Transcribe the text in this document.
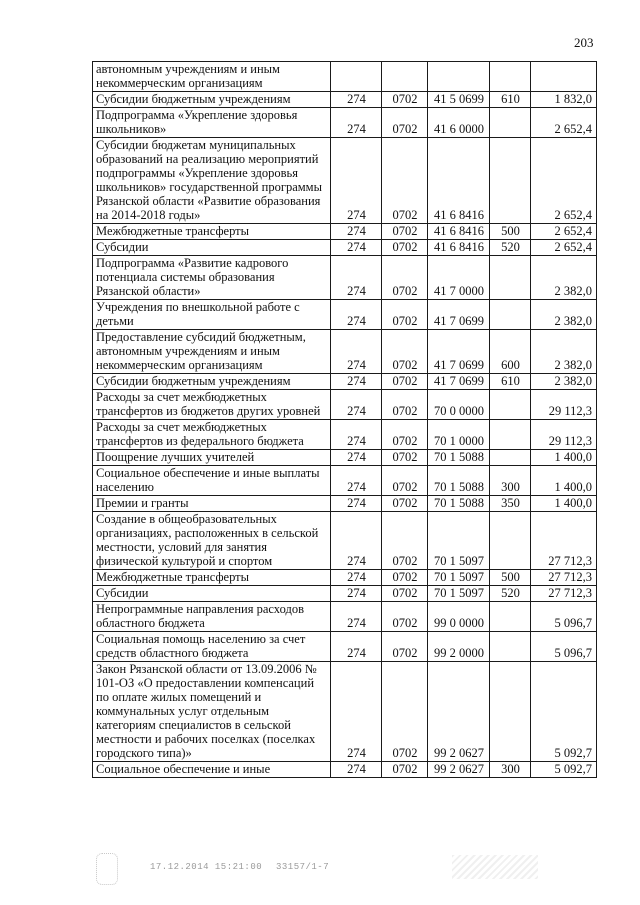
203
автономным учреждениям и иным некоммерческим организациям					
Субсидии бюджетным учреждениям	274	0702	41 5 0699	610	1 832,0
Подпрограмма «Укрепление здоровья школьников»	274	0702	41 6 0000		2 652,4
Субсидии бюджетам муниципальных образований на реализацию мероприятий подпрограммы «Укрепление здоровья школьников» государственной программы Рязанской области «Развитие образования на 2014-2018 годы»	274	0702	41 6 8416		2 652,4
Межбюджетные трансферты	274	0702	41 6 8416	500	2 652,4
Субсидии	274	0702	41 6 8416	520	2 652,4
Подпрограмма «Развитие кадрового потенциала системы образования Рязанской области»	274	0702	41 7 0000		2 382,0
Учреждения по внешкольной работе с детьми	274	0702	41 7 0699		2 382,0
Предоставление субсидий бюджетным, автономным учреждениям и иным некоммерческим организациям	274	0702	41 7 0699	600	2 382,0
Субсидии бюджетным учреждениям	274	0702	41 7 0699	610	2 382,0
Расходы за счет межбюджетных трансфертов из бюджетов других уровней	274	0702	70 0 0000		29 112,3
Расходы за счет межбюджетных трансфертов из федерального бюджета	274	0702	70 1 0000		29 112,3
Поощрение лучших учителей	274	0702	70 1 5088		1 400,0
Социальное обеспечение и иные выплаты населению	274	0702	70 1 5088	300	1 400,0
Премии и гранты	274	0702	70 1 5088	350	1 400,0
Создание в общеобразовательных организациях, расположенных в сельской местности, условий для занятия физической культурой и спортом	274	0702	70 1 5097		27 712,3
Межбюджетные трансферты	274	0702	70 1 5097	500	27 712,3
Субсидии	274	0702	70 1 5097	520	27 712,3
Непрограммные направления расходов областного бюджета	274	0702	99 0 0000		5 096,7
Социальная помощь населению за счет средств областного бюджета	274	0702	99 2 0000		5 096,7
Закон Рязанской области от 13.09.2006 № 101-ОЗ «О предоставлении компенсаций по оплате жилых помещений и коммунальных услуг отдельным категориям специалистов в сельской местности и рабочих поселках (поселках городского типа)»	274	0702	99 2 0627		5 092,7
Социальное обеспечение и иные	274	0702	99 2 0627	300	5 092,7
17.12.2014 15:21:00 33157/1-7
